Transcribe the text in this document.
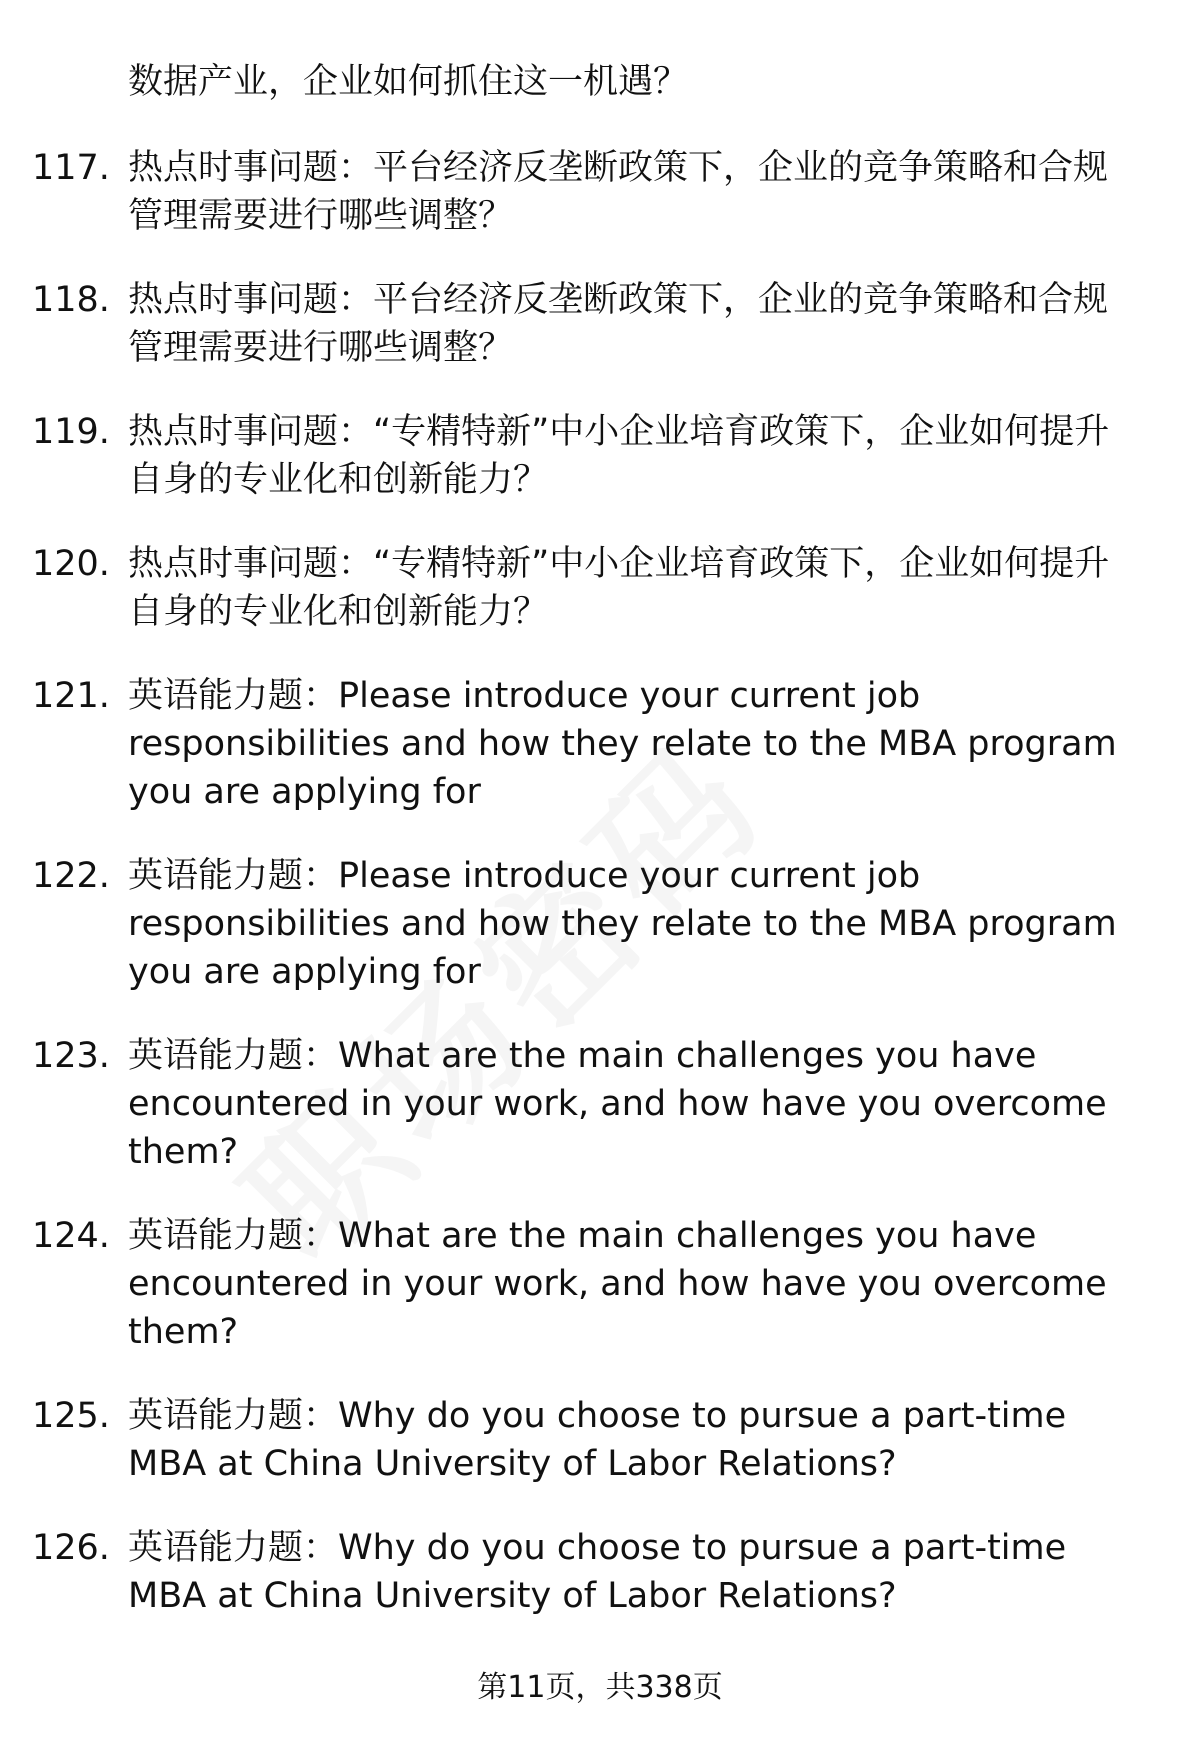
数据产业，企业如何抓住这一机遇？
117. 热点时事问题：平台经济反垄断政策下，企业的竞争策略和合规管理需要进行哪些调整？
118. 热点时事问题：平台经济反垄断政策下，企业的竞争策略和合规管理需要进行哪些调整？
119. 热点时事问题：“专精特新”中小企业培育政策下，企业如何提升自身的专业化和创新能力？
120. 热点时事问题：“专精特新”中小企业培育政策下，企业如何提升自身的专业化和创新能力？
121. 英语能力题：Please introduce your current job responsibilities and how they relate to the MBA program you are applying for
122. 英语能力题：Please introduce your current job responsibilities and how they relate to the MBA program you are applying for
123. 英语能力题：What are the main challenges you have encountered in your work, and how have you overcome them?
124. 英语能力题：What are the main challenges you have encountered in your work, and how have you overcome them?
125. 英语能力题：Why do you choose to pursue a part-time MBA at China University of Labor Relations?
126. 英语能力题：Why do you choose to pursue a part-time MBA at China University of Labor Relations?
第11页，共338页
